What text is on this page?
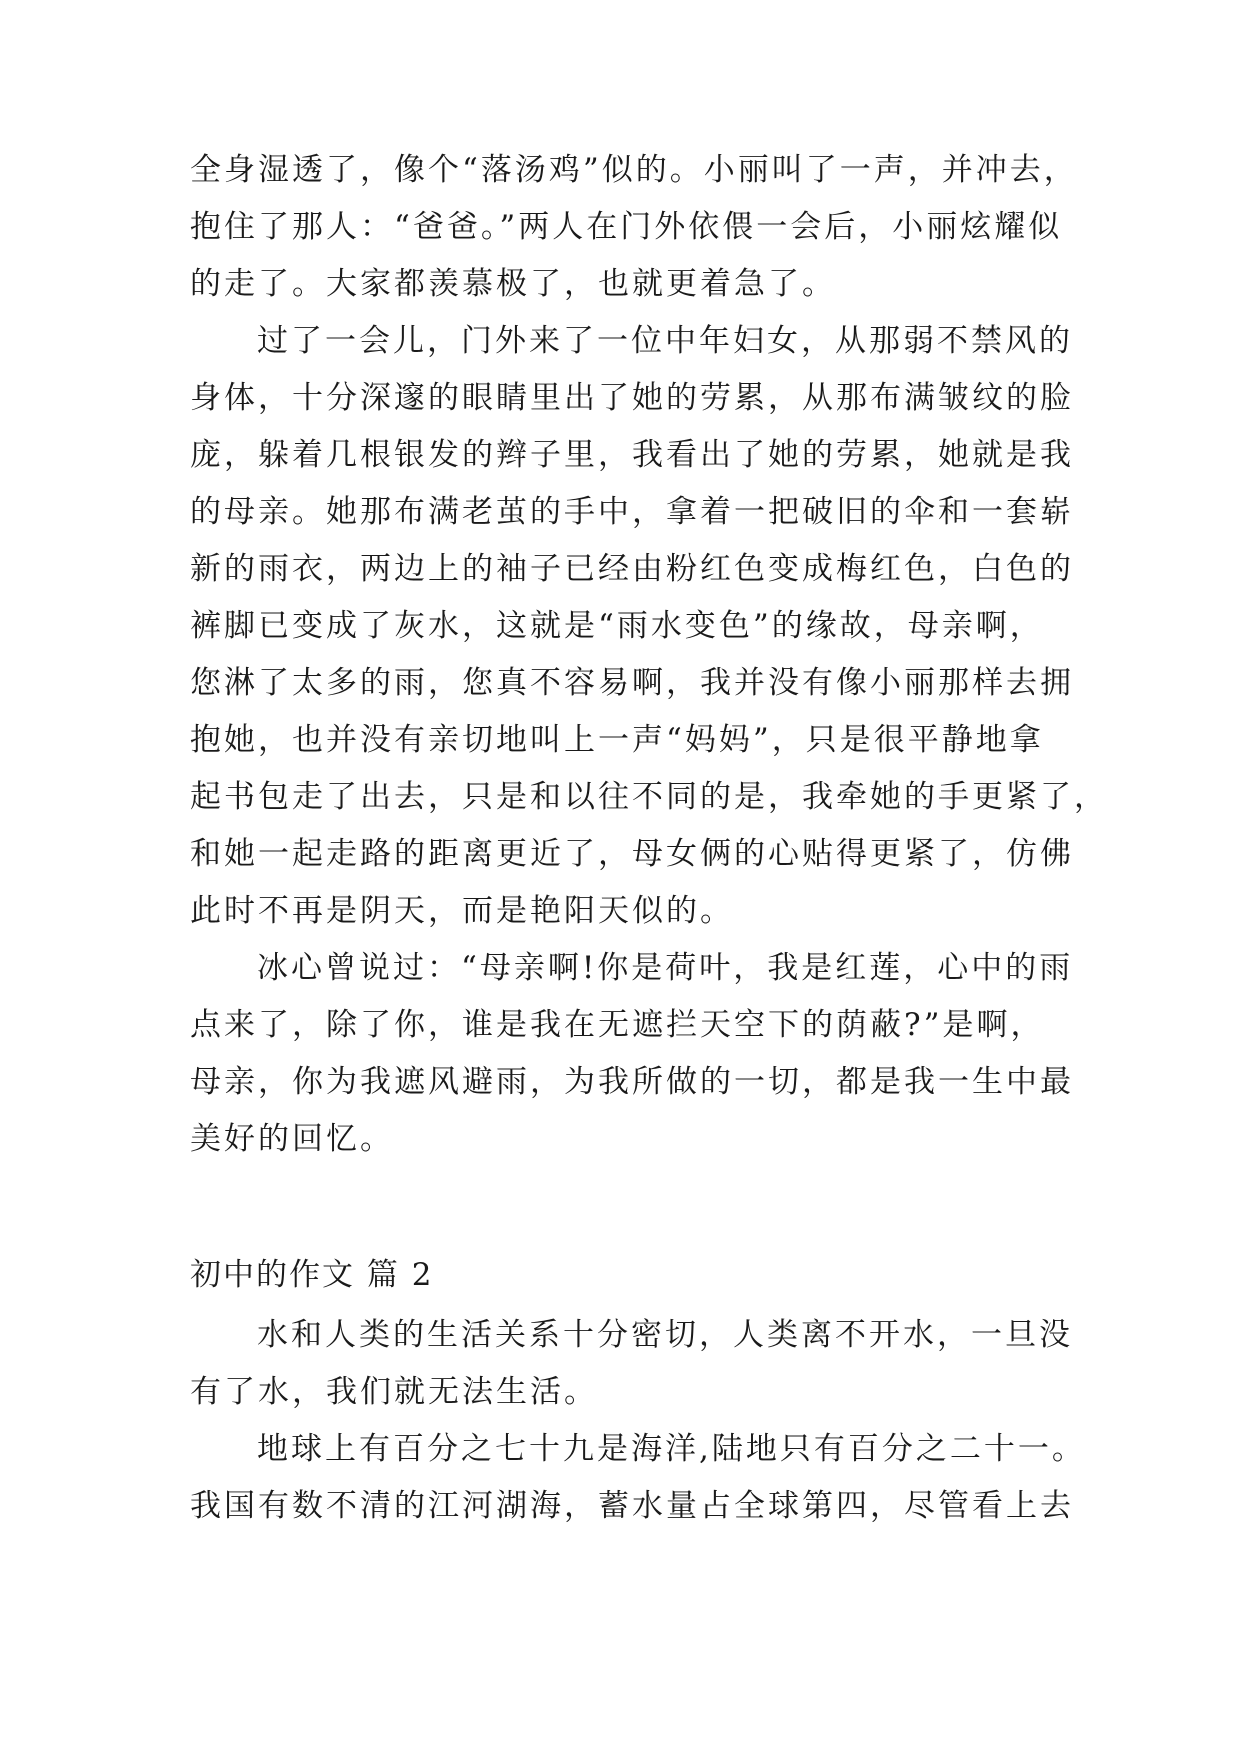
全身湿透了，像个“落汤鸡”似的。小丽叫了一声，并冲去，
抱住了那人：“爸爸。”两人在门外依偎一会后，小丽炫耀似
的走了。大家都羡慕极了，也就更着急了。
过了一会儿，门外来了一位中年妇女，从那弱不禁风的
身体，十分深邃的眼睛里出了她的劳累，从那布满皱纹的脸
庞，躲着几根银发的辫子里，我看出了她的劳累，她就是我
的母亲。她那布满老茧的手中，拿着一把破旧的伞和一套崭
新的雨衣，两边上的袖子已经由粉红色变成梅红色，白色的
裤脚已变成了灰水，这就是“雨水变色”的缘故，母亲啊，
您淋了太多的雨，您真不容易啊，我并没有像小丽那样去拥
抱她，也并没有亲切地叫上一声“妈妈”，只是很平静地拿
起书包走了出去，只是和以往不同的是，我牵她的手更紧了，
和她一起走路的距离更近了，母女俩的心贴得更紧了，仿佛
此时不再是阴天，而是艳阳天似的。
冰心曾说过：“母亲啊!你是荷叶，我是红莲，心中的雨
点来了，除了你，谁是我在无遮拦天空下的荫蔽?”是啊，
母亲，你为我遮风避雨，为我所做的一切，都是我一生中最
美好的回忆。
初中的作文 篇 2
水和人类的生活关系十分密切，人类离不开水，一旦没
有了水，我们就无法生活。
地球上有百分之七十九是海洋,陆地只有百分之二十一。
我国有数不清的江河湖海，蓄水量占全球第四，尽管看上去
